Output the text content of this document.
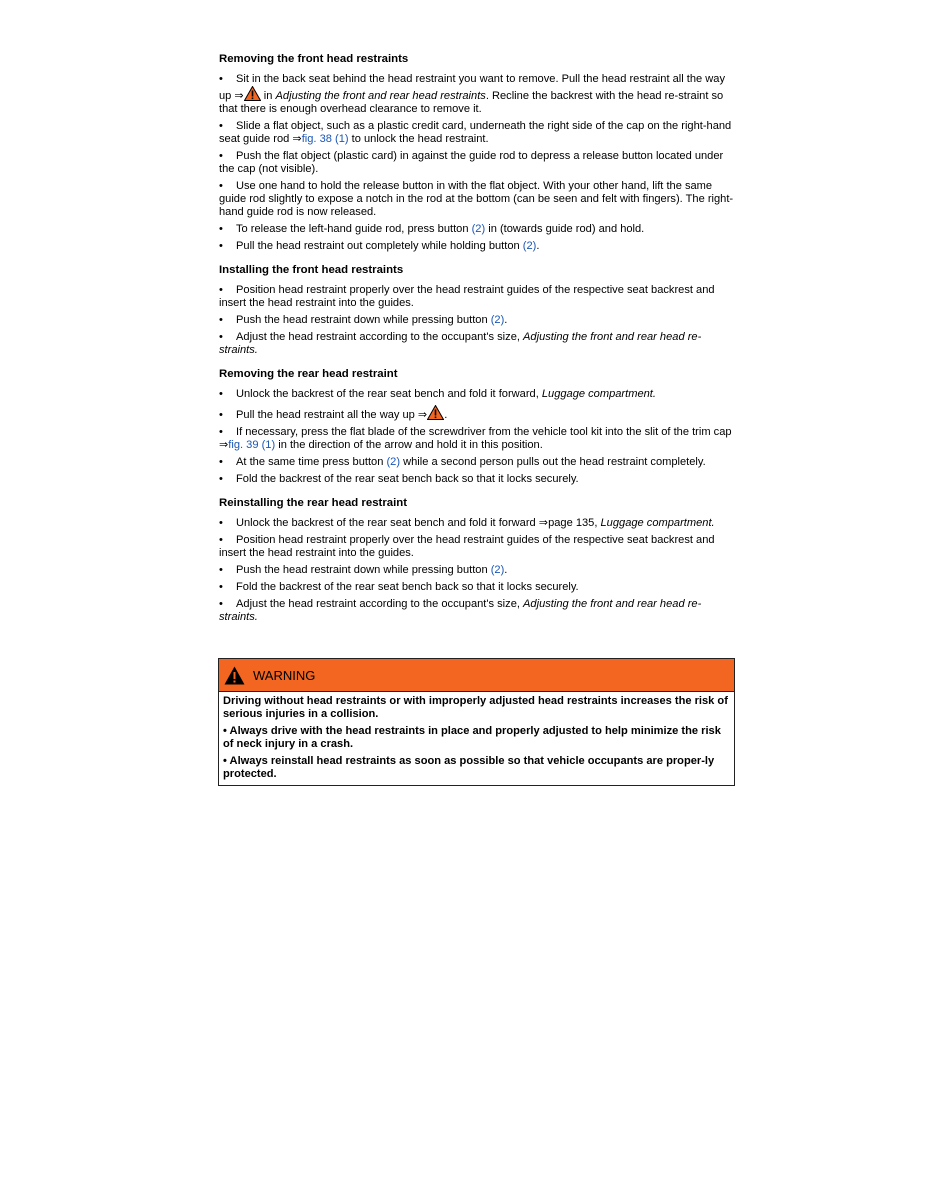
Removing the front head restraints
• Sit in the back seat behind the head restraint you want to remove. Pull the head restraint all the way up ⇒ in Adjusting the front and rear head restraints. Recline the backrest with the head re-straint so that there is enough overhead clearance to remove it.
• Slide a flat object, such as a plastic credit card, underneath the right side of the cap on the right-hand seat guide rod ⇒fig. 38 (1) to unlock the head restraint.
• Push the flat object (plastic card) in against the guide rod to depress a release button located under the cap (not visible).
• Use one hand to hold the release button in with the flat object. With your other hand, lift the same guide rod slightly to expose a notch in the rod at the bottom (can be seen and felt with fingers). The right-hand guide rod is now released.
• To release the left-hand guide rod, press button (2) in (towards guide rod) and hold.
• Pull the head restraint out completely while holding button (2).
Installing the front head restraints
• Position head restraint properly over the head restraint guides of the respective seat backrest and insert the head restraint into the guides.
• Push the head restraint down while pressing button (2).
• Adjust the head restraint according to the occupant's size, Adjusting the front and rear head re-straints.
Removing the rear head restraint
• Unlock the backrest of the rear seat bench and fold it forward, Luggage compartment.
• Pull the head restraint all the way up ⇒ .
• If necessary, press the flat blade of the screwdriver from the vehicle tool kit into the slit of the trim cap ⇒fig. 39 (1) in the direction of the arrow and hold it in this position.
• At the same time press button (2) while a second person pulls out the head restraint completely.
• Fold the backrest of the rear seat bench back so that it locks securely.
Reinstalling the rear head restraint
• Unlock the backrest of the rear seat bench and fold it forward ⇒page 135, Luggage compartment.
• Position head restraint properly over the head restraint guides of the respective seat backrest and insert the head restraint into the guides.
• Push the head restraint down while pressing button (2).
• Fold the backrest of the rear seat bench back so that it locks securely.
• Adjust the head restraint according to the occupant's size, Adjusting the front and rear head re-straints.
WARNING
Driving without head restraints or with improperly adjusted head restraints increases the risk of serious injuries in a collision.
• Always drive with the head restraints in place and properly adjusted to help minimize the risk of neck injury in a crash.
• Always reinstall head restraints as soon as possible so that vehicle occupants are proper-ly protected.
